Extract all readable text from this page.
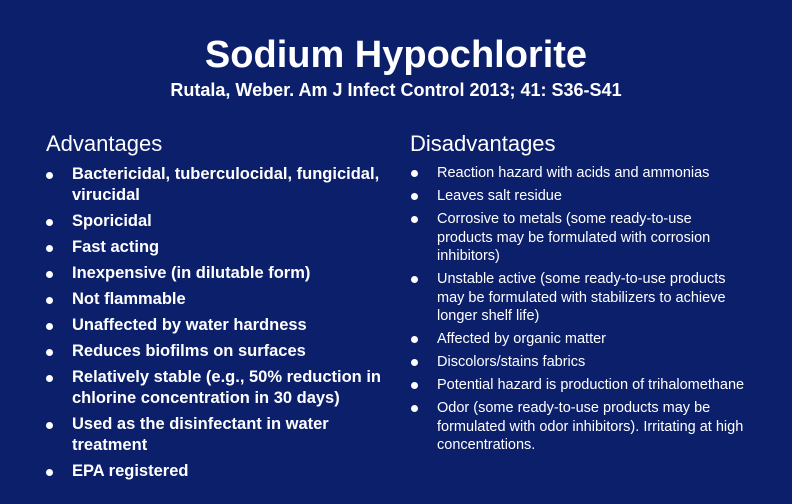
Sodium Hypochlorite
Rutala, Weber. Am J Infect Control 2013; 41: S36-S41
Advantages	Disadvantages
Bactericidal, tuberculocidal, fungicidal, virucidal
Sporicidal
Fast acting
Inexpensive (in dilutable form)
Not flammable
Unaffected by water hardness
Reduces biofilms on surfaces
Relatively stable (e.g., 50% reduction in chlorine concentration in 30 days)
Used as the disinfectant in water treatment
EPA registered
Reaction hazard with acids and ammonias
Leaves salt residue
Corrosive to metals (some ready-to-use products may be formulated with corrosion inhibitors)
Unstable active (some ready-to-use products may be formulated with stabilizers to achieve longer shelf life)
Affected by organic matter
Discolors/stains fabrics
Potential hazard is production of trihalomethane
Odor (some ready-to-use products may be formulated with odor inhibitors). Irritating at high concentrations.
